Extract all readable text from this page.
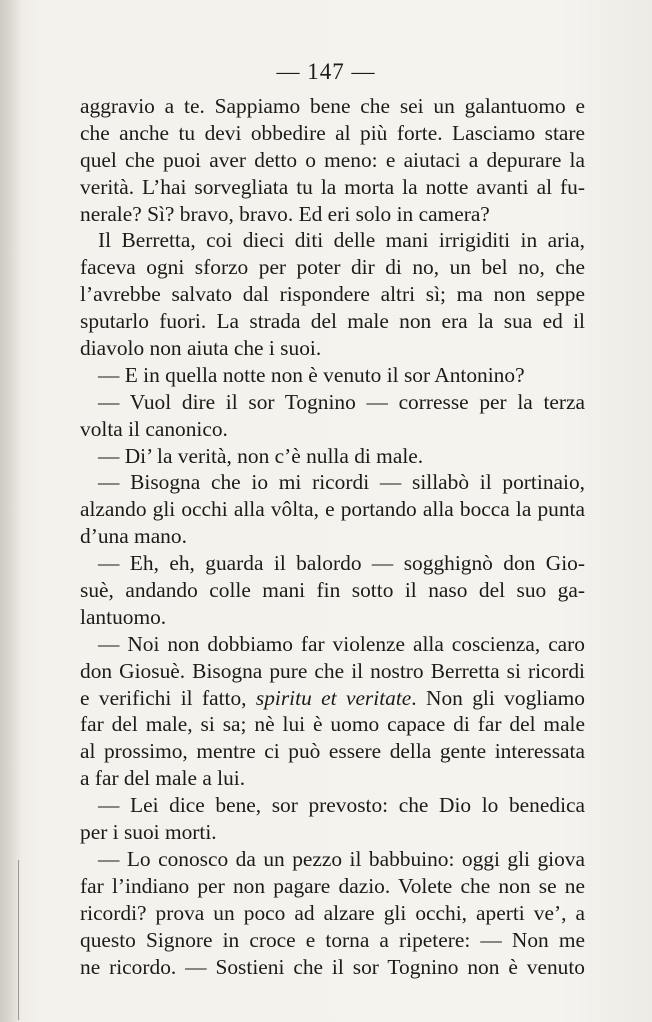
— 147 —
aggravio a te. Sappiamo bene che sei un galantuomo e
che anche tu devi obbedire al più forte. Lasciamo stare
quel che puoi aver detto o meno: e aiutaci a depurare la
verità. L’hai sorvegliata tu la morta la notte avanti al fu-
nerale? Sì? bravo, bravo. Ed eri solo in camera?
Il Berretta, coi dieci diti delle mani irrigiditi in aria,
faceva ogni sforzo per poter dir di no, un bel no, che
l’avrebbe salvato dal rispondere altri sì; ma non seppe
sputarlo fuori. La strada del male non era la sua ed il
diavolo non aiuta che i suoi.
— E in quella notte non è venuto il sor Antonino?
— Vuol dire il sor Tognino — corresse per la terza
volta il canonico.
— Di’ la verità, non c’è nulla di male.
— Bisogna che io mi ricordi — sillabò il portinaio,
alzando gli occhi alla vôlta, e portando alla bocca la punta
d’una mano.
— Eh, eh, guarda il balordo — sogghignò don Gio-
suè, andando colle mani fin sotto il naso del suo ga-
lantuomo.
— Noi non dobbiamo far violenze alla coscienza, caro
don Giosuè. Bisogna pure che il nostro Berretta si ricordi
e verifichi il fatto, spiritu et veritate. Non gli vogliamo
far del male, si sa; nè lui è uomo capace di far del male
al prossimo, mentre ci può essere della gente interessata
a far del male a lui.
— Lei dice bene, sor prevosto: che Dio lo benedica
per i suoi morti.
— Lo conosco da un pezzo il babbuino: oggi gli giova
far l’indiano per non pagare dazio. Volete che non se ne
ricordi? prova un poco ad alzare gli occhi, aperti ve’, a
questo Signore in croce e torna a ripetere: — Non me
ne ricordo. — Sostieni che il sor Tognino non è venuto
